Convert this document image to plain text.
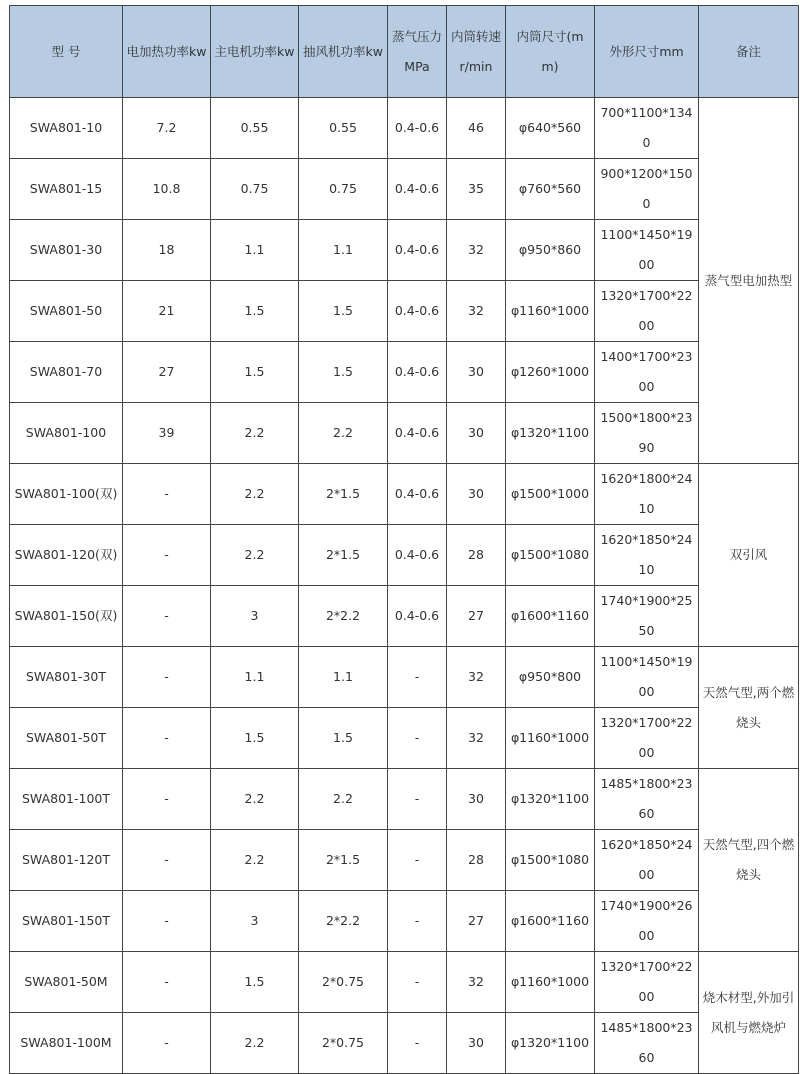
型 号	电加热功率kw	主电机功率kw	抽风机功率kw	蒸气压力MPa	内筒转速r/min	内筒尺寸(mm)	外形尺寸mm	备注
SWA801-10	7.2	0.55	0.55	0.4-0.6	46	φ640*560	700*1100*1340	蒸气型电加热型
SWA801-15	10.8	0.75	0.75	0.4-0.6	35	φ760*560	900*1200*1500	
SWA801-30	18	1.1	1.1	0.4-0.6	32	φ950*860	1100*1450*1900	
SWA801-50	21	1.5	1.5	0.4-0.6	32	φ1160*1000	1320*1700*2200	
SWA801-70	27	1.5	1.5	0.4-0.6	30	φ1260*1000	1400*1700*2300	
SWA801-100	39	2.2	2.2	0.4-0.6	30	φ1320*1100	1500*1800*2390	
SWA801-100(双)	-	2.2	2*1.5	0.4-0.6	30	φ1500*1000	1620*1800*2410	双引风
SWA801-120(双)	-	2.2	2*1.5	0.4-0.6	28	φ1500*1080	1620*1850*2410	
SWA801-150(双)	-	3	2*2.2	0.4-0.6	27	φ1600*1160	1740*1900*2550	
SWA801-30T	-	1.1	1.1	-	32	φ950*800	1100*1450*1900	天然气型,两个燃烧头
SWA801-50T	-	1.5	1.5	-	32	φ1160*1000	1320*1700*2200	
SWA801-100T	-	2.2	2.2	-	30	φ1320*1100	1485*1800*2360	天然气型,四个燃烧头
SWA801-120T	-	2.2	2*1.5	-	28	φ1500*1080	1620*1850*2400	
SWA801-150T	-	3	2*2.2	-	27	φ1600*1160	1740*1900*2600	
SWA801-50M	-	1.5	2*0.75	-	32	φ1160*1000	1320*1700*2200	烧木材型,外加引风机与燃烧炉
SWA801-100M	-	2.2	2*0.75	-	30	φ1320*1100	1485*1800*2360	
